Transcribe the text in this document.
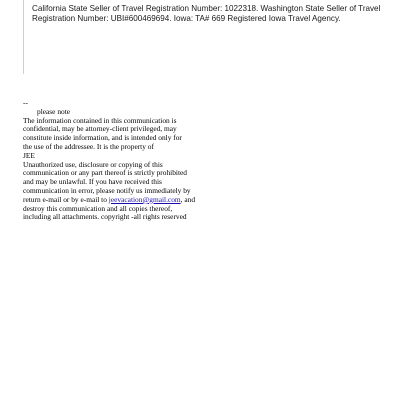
California State Seller of Travel Registration Number: 1022318. Washington State Seller of Travel Registration Number: UBI#600469694. Iowa: TA# 669 Registered Iowa Travel Agency.

--
please note
The information contained in this communication is
confidential, may be attorney-client privileged, may
constitute inside information, and is intended only for
the use of the addressee. It is the property of
JEE
Unauthorized use, disclosure or copying of this
communication or any part thereof is strictly prohibited
and may be unlawful. If you have received this
communication in error, please notify us immediately by
return e-mail or by e-mail to jeevacation@gmail.com, and
destroy this communication and all copies thereof,
including all attachments. copyright -all rights reserved
